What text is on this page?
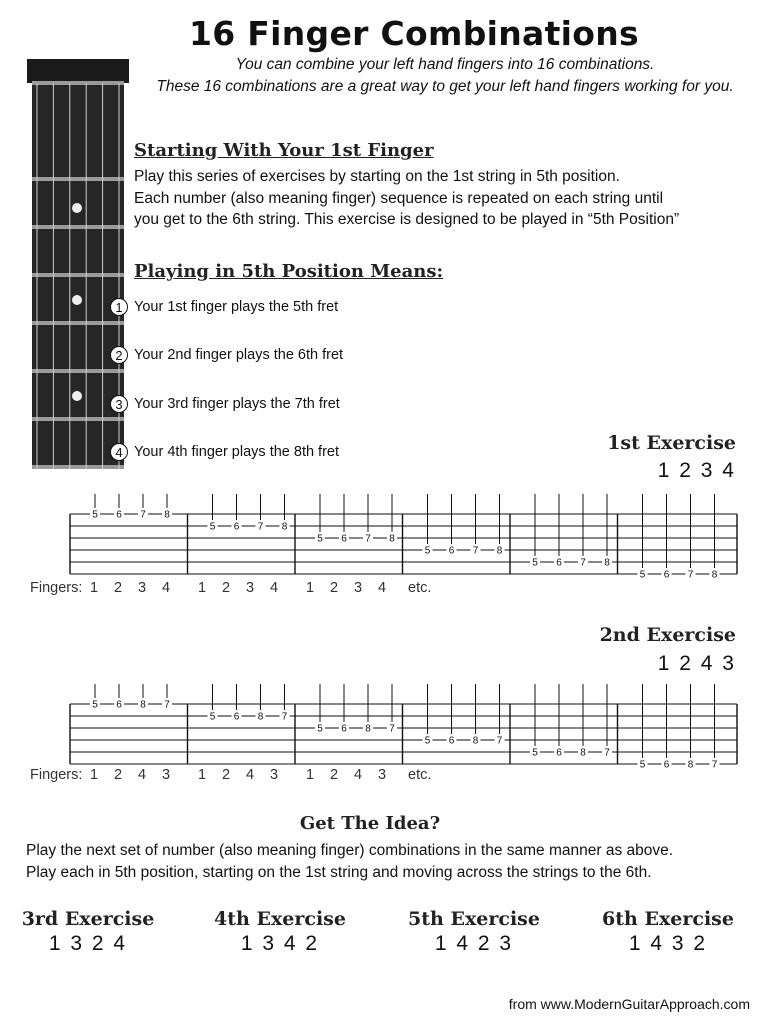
16 Finger Combinations
You can combine your left hand fingers into 16 combinations.
These 16 combinations are a great way to get your left hand fingers working for you.
Starting With Your 1st Finger
Play this series of exercises by starting on the 1st string in 5th position.
Each number (also meaning finger) sequence is repeated on each string until
you get to the 6th string. This exercise is designed to be played in “5th Position”
Playing in 5th Position Means:
1 Your 1st finger plays the 5th fret
2 Your 2nd finger plays the 6th fret
3 Your 3rd finger plays the 7th fret
4 Your 4th finger plays the 8th fret	1st Exercise
1 2 3 4
5 6 7 8
5 6 7 8
5 6 7 8
5 6 7 8
5 6 7 8
5 6 7 8
Fingers: 1 2 3 4 1 2 3 4 1 2 3 4 etc.
2nd Exercise
1 2 4 3
5 6 8 7
5 6 8 7
5 6 8 7
5 6 8 7
5 6 8 7
5 6 8 7
Fingers: 1 2 4 3 1 2 4 3 1 2 4 3 etc.
Get The Idea?
Play the next set of number (also meaning finger) combinations in the same manner as above.
Play each in 5th position, starting on the 1st string and moving across the strings to the 6th.
3rd Exercise
1 3 2 4
4th Exercise
1 3 4 2
5th Exercise
1 4 2 3
6th Exercise
1 4 3 2
from www.ModernGuitarApproach.com
